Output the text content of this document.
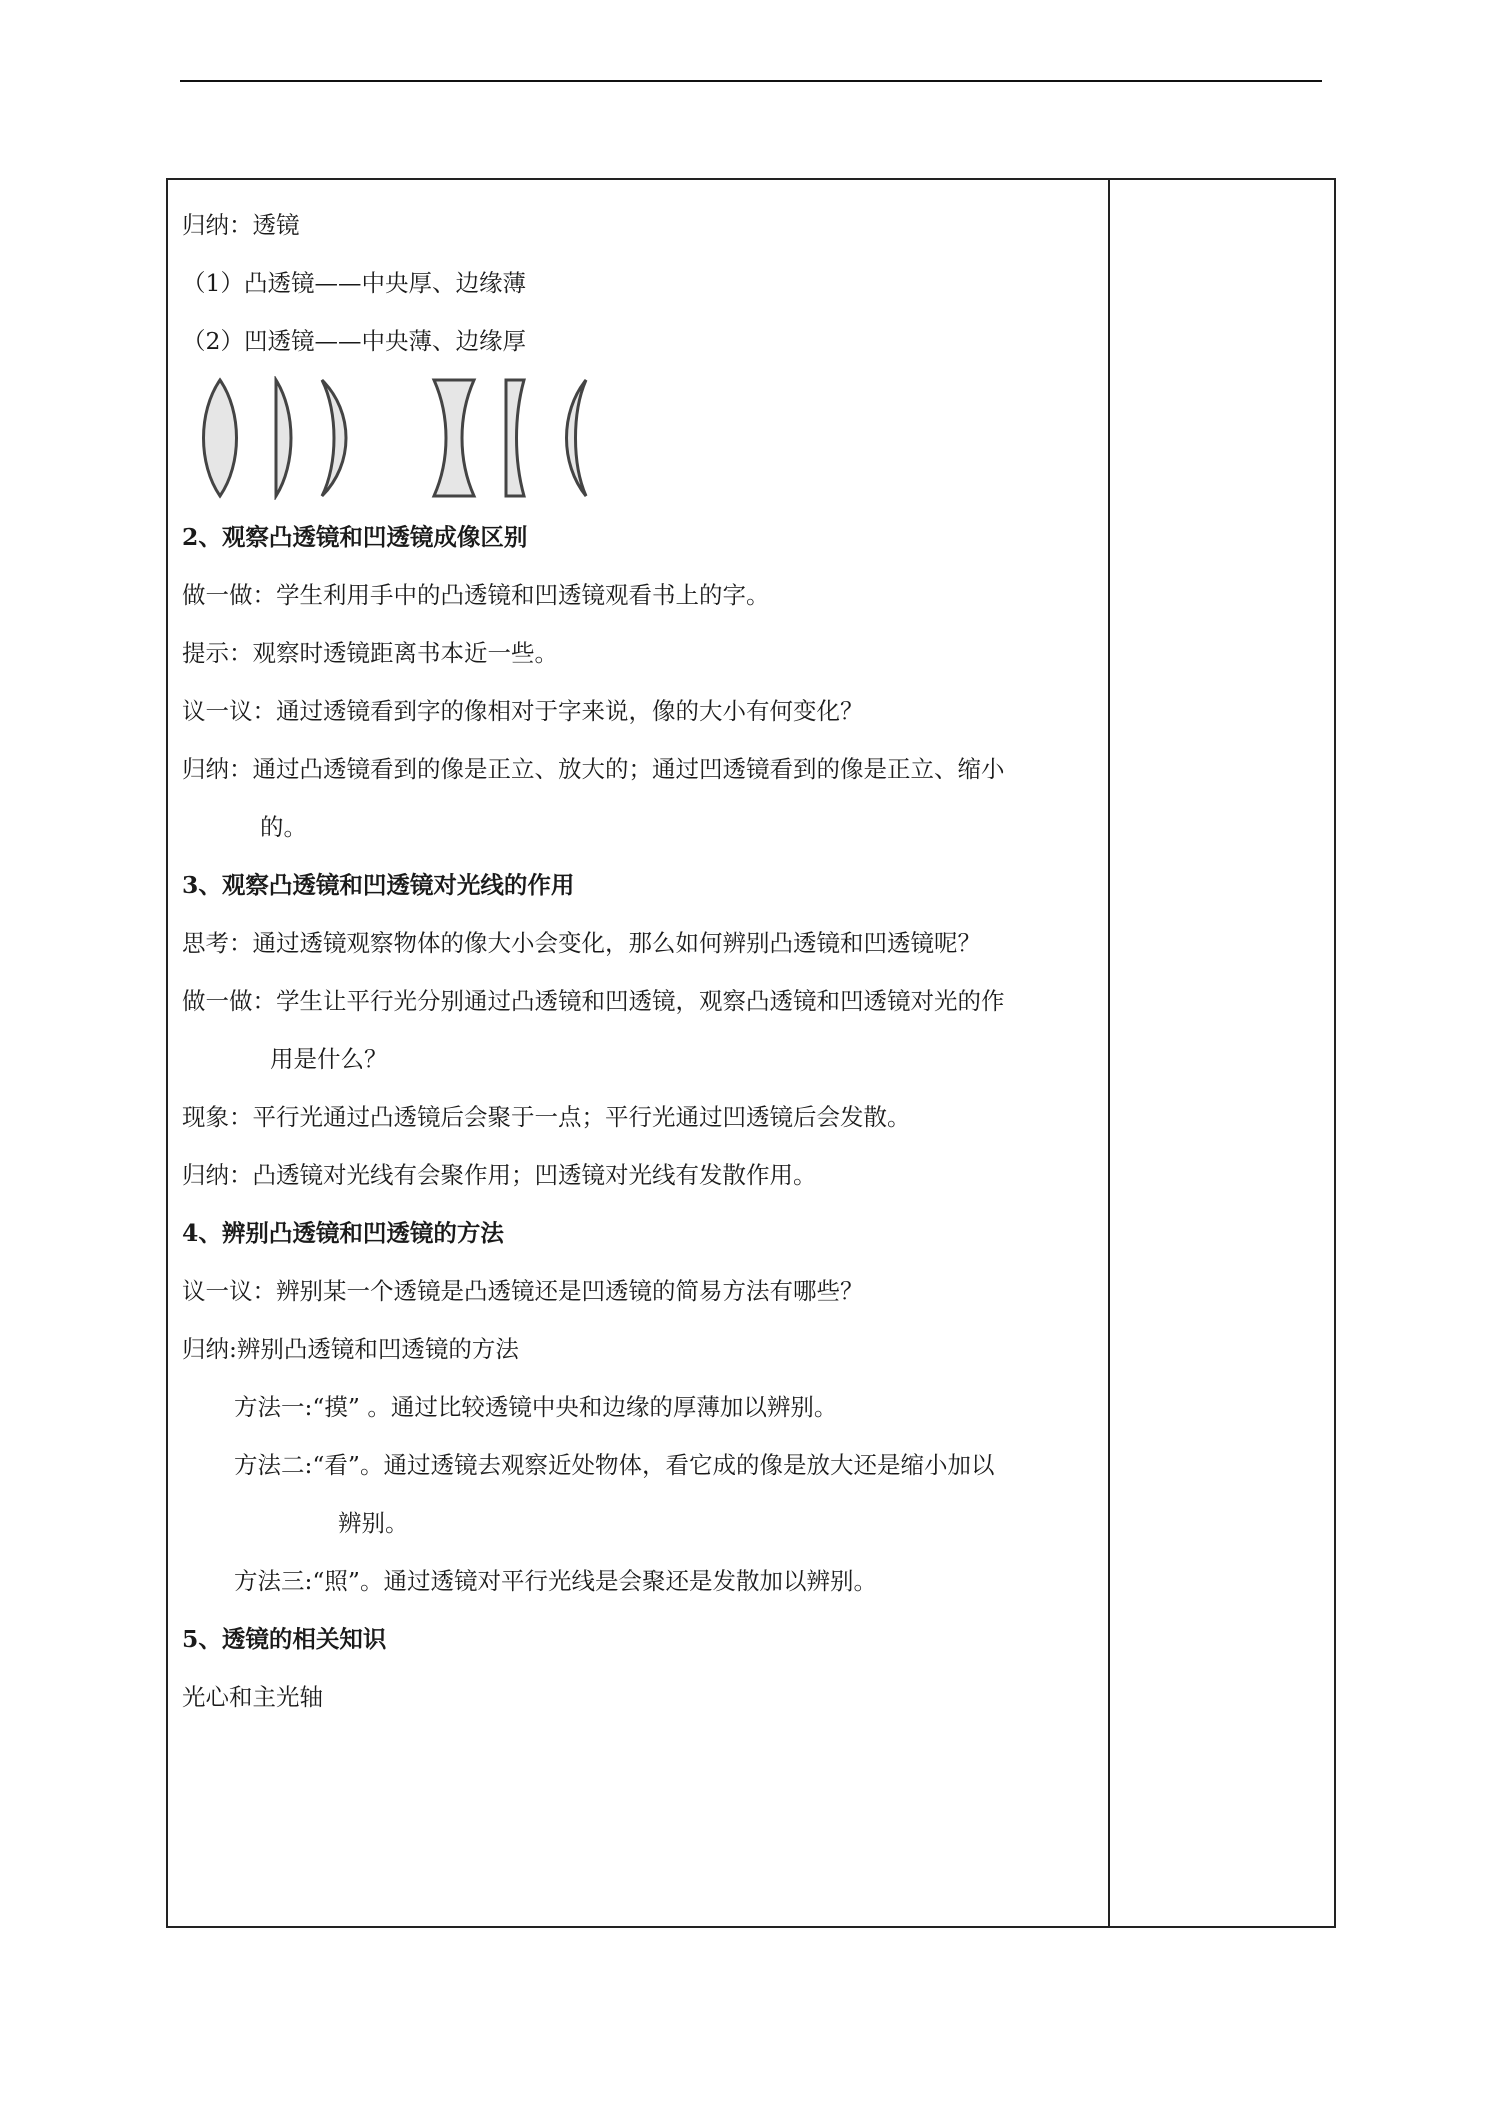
归纳：透镜
（1）凸透镜——中央厚、边缘薄
（2）凹透镜——中央薄、边缘厚
2、观察凸透镜和凹透镜成像区别
做一做：学生利用手中的凸透镜和凹透镜观看书上的字。
提示：观察时透镜距离书本近一些。
议一议：通过透镜看到字的像相对于字来说，像的大小有何变化？
归纳：通过凸透镜看到的像是正立、放大的；通过凹透镜看到的像是正立、缩小
的。
3、观察凸透镜和凹透镜对光线的作用
思考：通过透镜观察物体的像大小会变化，那么如何辨别凸透镜和凹透镜呢？
做一做：学生让平行光分别通过凸透镜和凹透镜，观察凸透镜和凹透镜对光的作
用是什么？
现象：平行光通过凸透镜后会聚于一点；平行光通过凹透镜后会发散。
归纳：凸透镜对光线有会聚作用；凹透镜对光线有发散作用。
4、辨别凸透镜和凹透镜的方法
议一议：辨别某一个透镜是凸透镜还是凹透镜的简易方法有哪些？
归纳:辨别凸透镜和凹透镜的方法
方法一:“摸” 。通过比较透镜中央和边缘的厚薄加以辨别。
方法二:“看”。通过透镜去观察近处物体，看它成的像是放大还是缩小加以
辨别。
方法三:“照”。通过透镜对平行光线是会聚还是发散加以辨别。
5、透镜的相关知识
光心和主光轴
